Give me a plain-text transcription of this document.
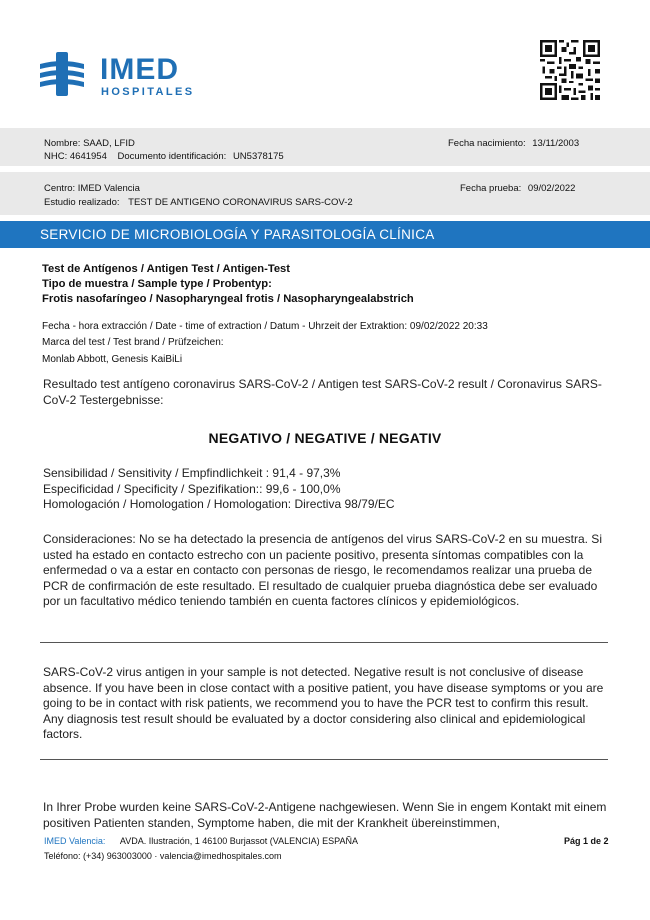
IMED
HOSPITALES
Nombre: SAAD, LFID	Fecha nacimiento: 13/11/2003
NHC: 4641954 Documento identificación: UN5378175
Centro: IMED Valencia	Fecha prueba: 09/02/2022
Estudio realizado: TEST DE ANTIGENO CORONAVIRUS SARS-COV-2
SERVICIO DE MICROBIOLOGÍA Y PARASITOLOGÍA CLÍNICA
Test de Antígenos / Antigen Test / Antigen-Test
Tipo de muestra / Sample type / Probentyp:
Frotis nasofaríngeo / Nasopharyngeal frotis / Nasopharyngealabstrich
Fecha - hora extracción / Date - time of extraction / Datum - Uhrzeit der Extraktion: 09/02/2022 20:33
Marca del test / Test brand / Prüfzeichen:
Monlab Abbott, Genesis KaiBiLi
Resultado test antígeno coronavirus SARS-CoV-2 / Antigen test SARS-CoV-2 result / Coronavirus SARS-CoV-2 Testergebnisse:
NEGATIVO / NEGATIVE / NEGATIV
Sensibilidad / Sensitivity / Empfindlichkeit : 91,4 - 97,3%
Especificidad / Specificity / Spezifikation:: 99,6 - 100,0%
Homologación / Homologation / Homologation: Directiva 98/79/EC
Consideraciones: No se ha detectado la presencia de antígenos del virus SARS-CoV-2 en su muestra. Si usted ha estado en contacto estrecho con un paciente positivo, presenta síntomas compatibles con la enfermedad o va a estar en contacto con personas de riesgo, le recomendamos realizar una prueba de PCR de confirmación de este resultado. El resultado de cualquier prueba diagnóstica debe ser evaluado por un facultativo médico teniendo también en cuenta factores clínicos y epidemiológicos.
SARS-CoV-2 virus antigen in your sample is not detected. Negative result is not conclusive of disease absence. If you have been in close contact with a positive patient, you have disease symptoms or you are going to be in contact with risk patients, we recommend you to have the PCR test to confirm this result. Any diagnosis test result should be evaluated by a doctor considering also clinical and epidemiological factors.
In Ihrer Probe wurden keine SARS-CoV-2-Antigene nachgewiesen. Wenn Sie in engem Kontakt mit einem positiven Patienten standen, Symptome haben, die mit der Krankheit übereinstimmen,
IMED Valencia: AVDA. Ilustración, 1 46100 Burjassot (VALENCIA) ESPAÑA	Pág 1 de 2
Teléfono: (+34) 963003000 · valencia@imedhospitales.com
